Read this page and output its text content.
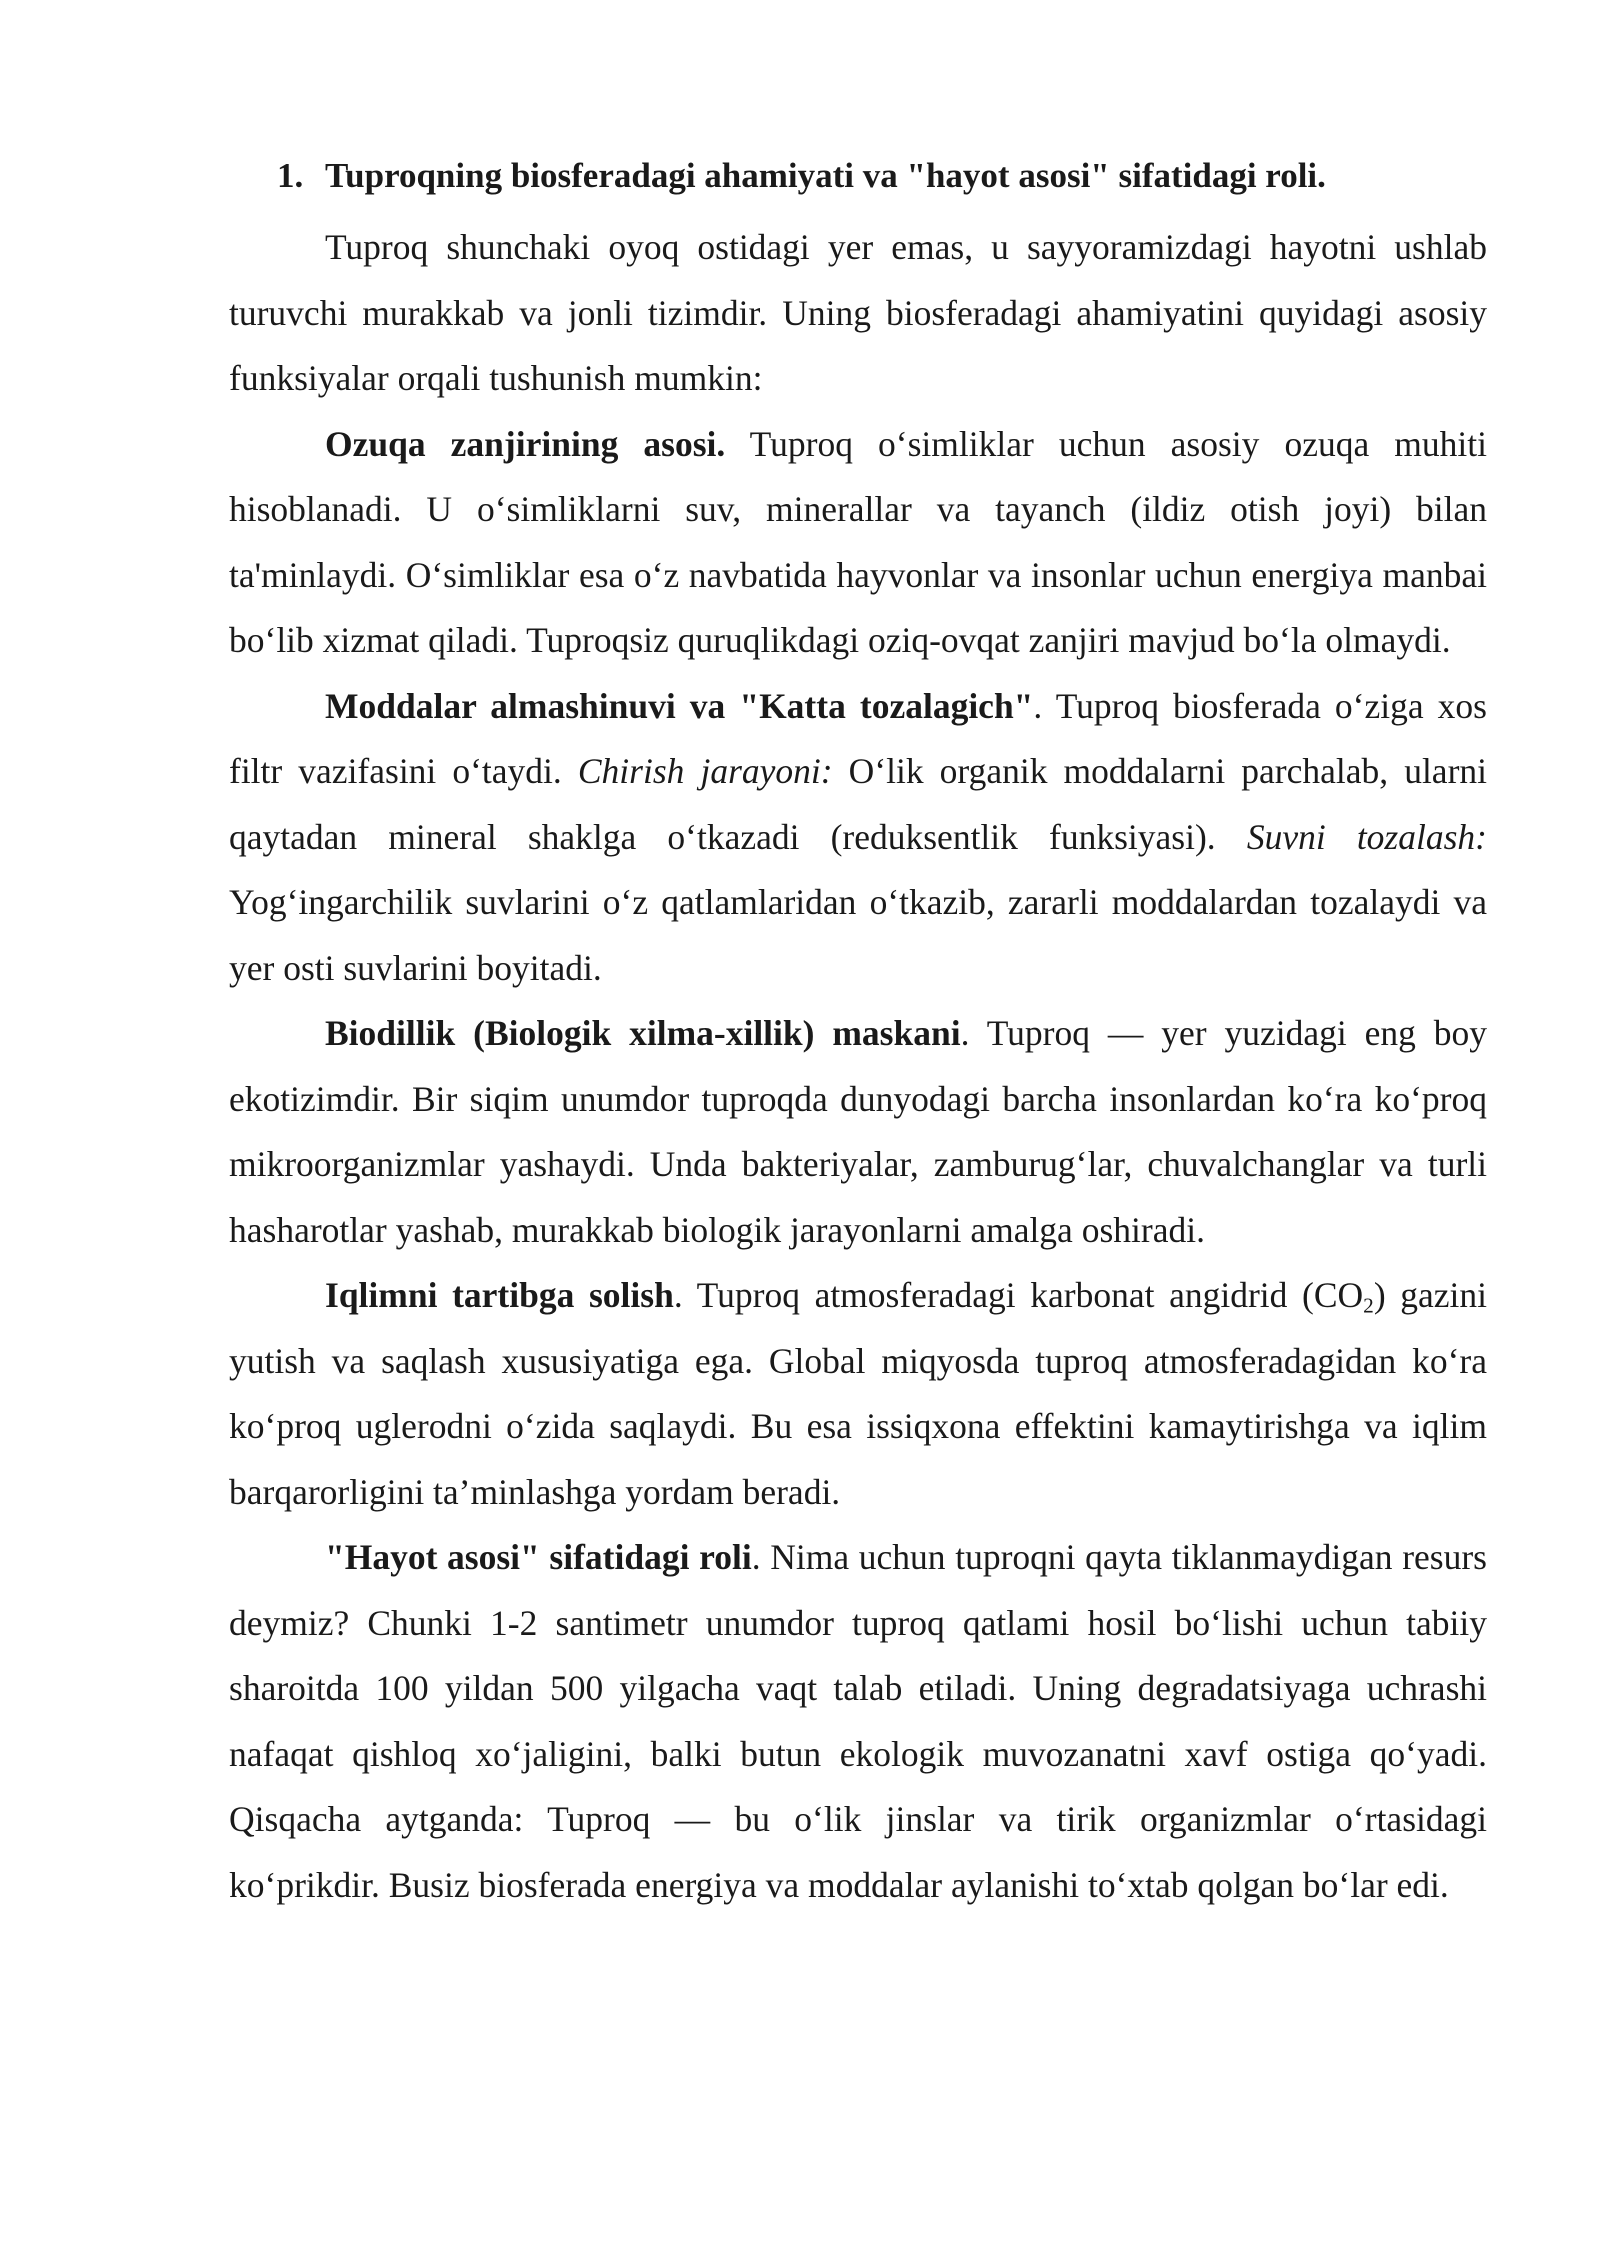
1. Tuproqning biosferadagi ahamiyati va "hayot asosi" sifatidagi roli.

Tuproq shunchaki oyoq ostidagi yer emas, u sayyoramizdagi hayotni ushlab turuvchi murakkab va jonli tizimdir. Uning biosferadagi ahamiyatini quyidagi asosiy funksiyalar orqali tushunish mumkin:

Ozuqa zanjirining asosi. Tuproq o‘simliklar uchun asosiy ozuqa muhiti hisoblanadi. U o‘simliklarni suv, minerallar va tayanch (ildiz otish joyi) bilan ta'minlaydi. O‘simliklar esa o‘z navbatida hayvonlar va insonlar uchun energiya manbai bo‘lib xizmat qiladi. Tuproqsiz quruqlikdagi oziq-ovqat zanjiri mavjud bo‘la olmaydi.

Moddalar almashinuvi va "Katta tozalagich". Tuproq biosferada o‘ziga xos filtr vazifasini o‘taydi. Chirish jarayoni: O‘lik organik moddalarni parchalab, ularni qaytadan mineral shaklga o‘tkazadi (reduksentlik funksiyasi). Suvni tozalash: Yog‘ingarchilik suvlarini o‘z qatlamlaridan o‘tkazib, zararli moddalardan tozalaydi va yer osti suvlarini boyitadi.

Biodillik (Biologik xilma-xillik) maskani. Tuproq — yer yuzidagi eng boy ekotizimdir. Bir siqim unumdor tuproqda dunyodagi barcha insonlardan ko‘ra ko‘proq mikroorganizmlar yashaydi. Unda bakteriyalar, zamburug‘lar, chuvalchanglar va turli hasharotlar yashab, murakkab biologik jarayonlarni amalga oshiradi.

Iqlimni tartibga solish. Tuproq atmosferadagi karbonat angidrid $(CO_2)$ gazini yutish va saqlash xususiyatiga ega. Global miqyosda tuproq atmosferadagidan ko‘ra ko‘proq uglerodni o‘zida saqlaydi. Bu esa issiqxona effektini kamaytirishga va iqlim barqarorligini ta’minlashga yordam beradi.

"Hayot asosi" sifatidagi roli. Nima uchun tuproqni qayta tiklanmaydigan resurs deymiz? Chunki 1-2 santimetr unumdor tuproq qatlami hosil bo‘lishi uchun tabiiy sharoitda 100 yildan 500 yilgacha vaqt talab etiladi. Uning degradatsiyaga uchrashi nafaqat qishloq xo‘jaligini, balki butun ekologik muvozanatni xavf ostiga qo‘yadi. Qisqacha aytganda: Tuproq — bu o‘lik jinslar va tirik organizmlar o‘rtasidagi ko‘prikdir. Busiz biosferada energiya va moddalar aylanishi to‘xtab qolgan bo‘lar edi.
